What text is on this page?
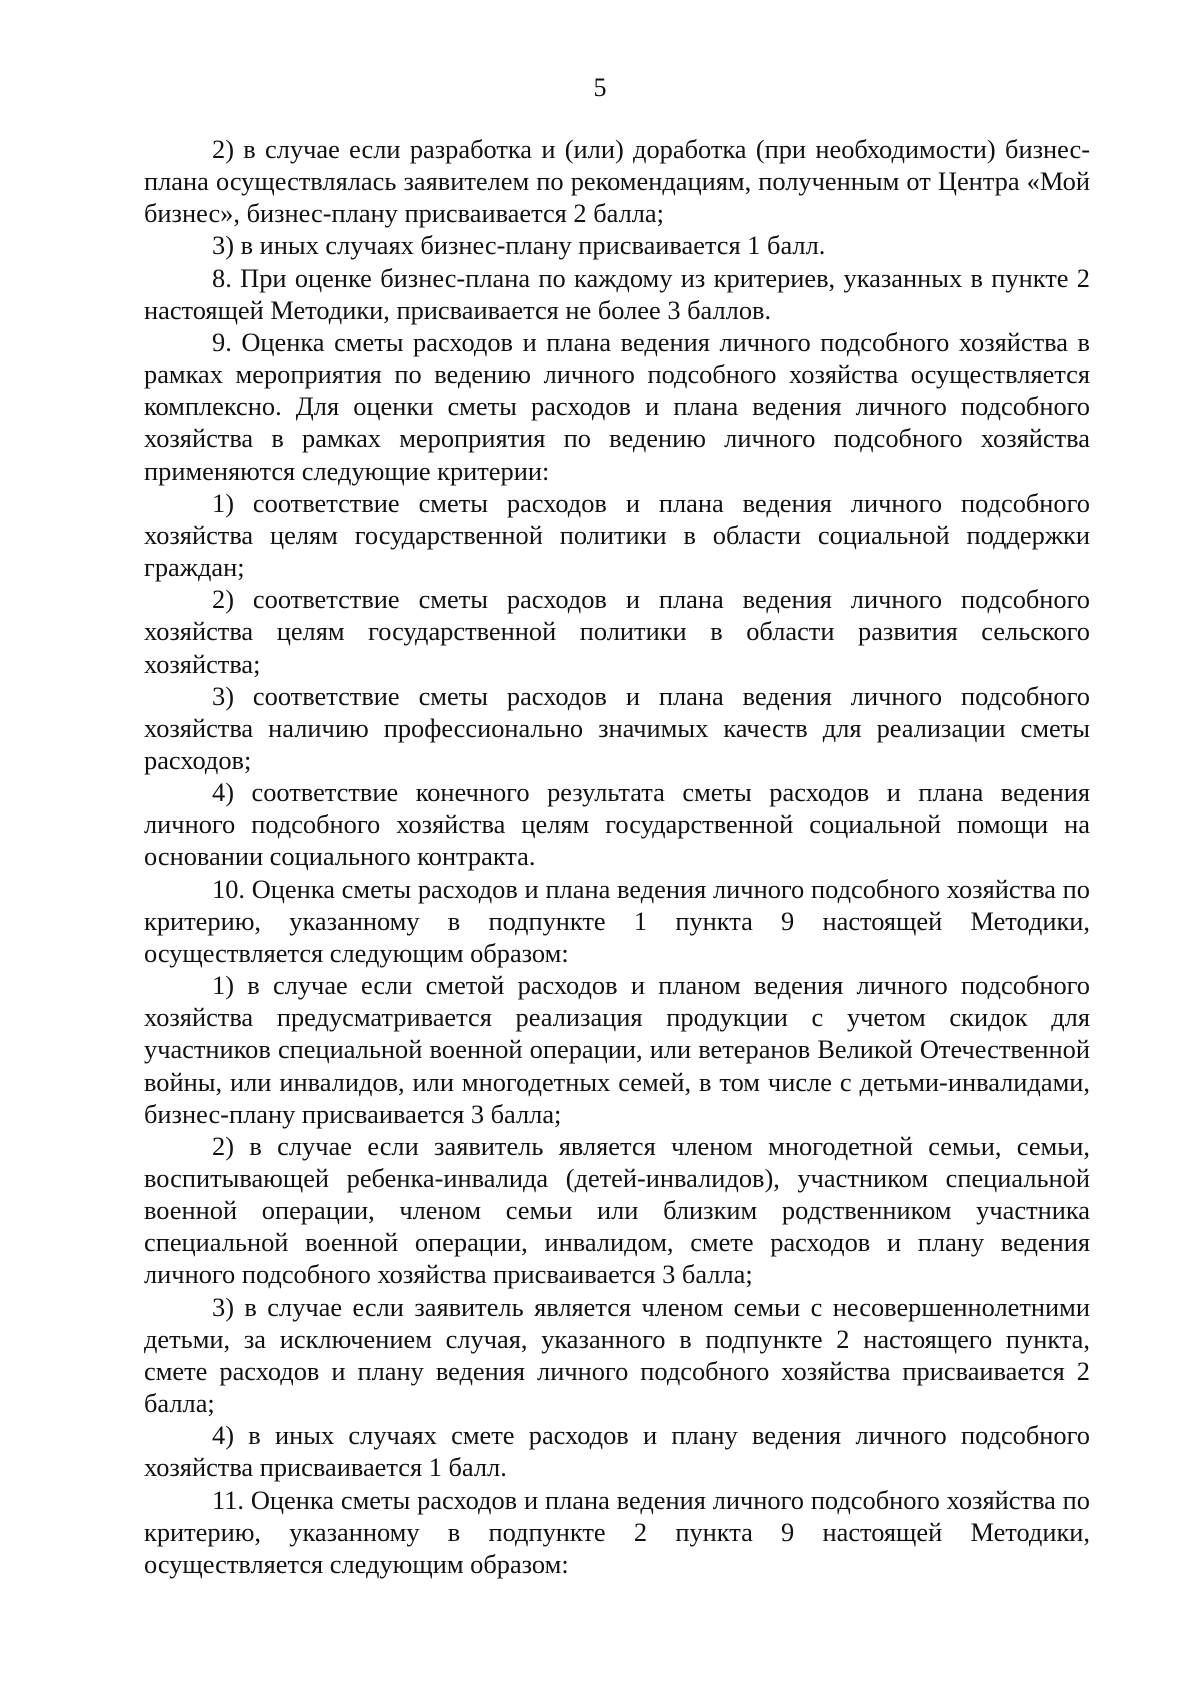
5

2) в случае если разработка и (или) доработка (при необходимости) бизнес-плана осуществлялась заявителем по рекомендациям, полученным от Центра «Мой бизнес», бизнес-плану присваивается 2 балла;

3) в иных случаях бизнес-плану присваивается 1 балл.

8. При оценке бизнес-плана по каждому из критериев, указанных в пункте 2 настоящей Методики, присваивается не более 3 баллов.

9. Оценка сметы расходов и плана ведения личного подсобного хозяйства в рамках мероприятия по ведению личного подсобного хозяйства осуществляется комплексно. Для оценки сметы расходов и плана ведения личного подсобного хозяйства в рамках мероприятия по ведению личного подсобного хозяйства применяются следующие критерии:

1) соответствие сметы расходов и плана ведения личного подсобного хозяйства целям государственной политики в области социальной поддержки граждан;

2) соответствие сметы расходов и плана ведения личного подсобного хозяйства целям государственной политики в области развития сельского хозяйства;

3) соответствие сметы расходов и плана ведения личного подсобного хозяйства наличию профессионально значимых качеств для реализации сметы расходов;

4) соответствие конечного результата сметы расходов и плана ведения личного подсобного хозяйства целям государственной социальной помощи на основании социального контракта.

10. Оценка сметы расходов и плана ведения личного подсобного хозяйства по критерию, указанному в подпункте 1 пункта 9 настоящей Методики, осуществляется следующим образом:

1) в случае если сметой расходов и планом ведения личного подсобного хозяйства предусматривается реализация продукции с учетом скидок для участников специальной военной операции, или ветеранов Великой Отечественной войны, или инвалидов, или многодетных семей, в том числе с детьми-инвалидами, бизнес-плану присваивается 3 балла;

2) в случае если заявитель является членом многодетной семьи, семьи, воспитывающей ребенка-инвалида (детей-инвалидов), участником специальной военной операции, членом семьи или близким родственником участника специальной военной операции, инвалидом, смете расходов и плану ведения личного подсобного хозяйства присваивается 3 балла;

3) в случае если заявитель является членом семьи с несовершеннолетними детьми, за исключением случая, указанного в подпункте 2 настоящего пункта, смете расходов и плану ведения личного подсобного хозяйства присваивается 2 балла;

4) в иных случаях смете расходов и плану ведения личного подсобного хозяйства присваивается 1 балл.

11. Оценка сметы расходов и плана ведения личного подсобного хозяйства по критерию, указанному в подпункте 2 пункта 9 настоящей Методики, осуществляется следующим образом:
